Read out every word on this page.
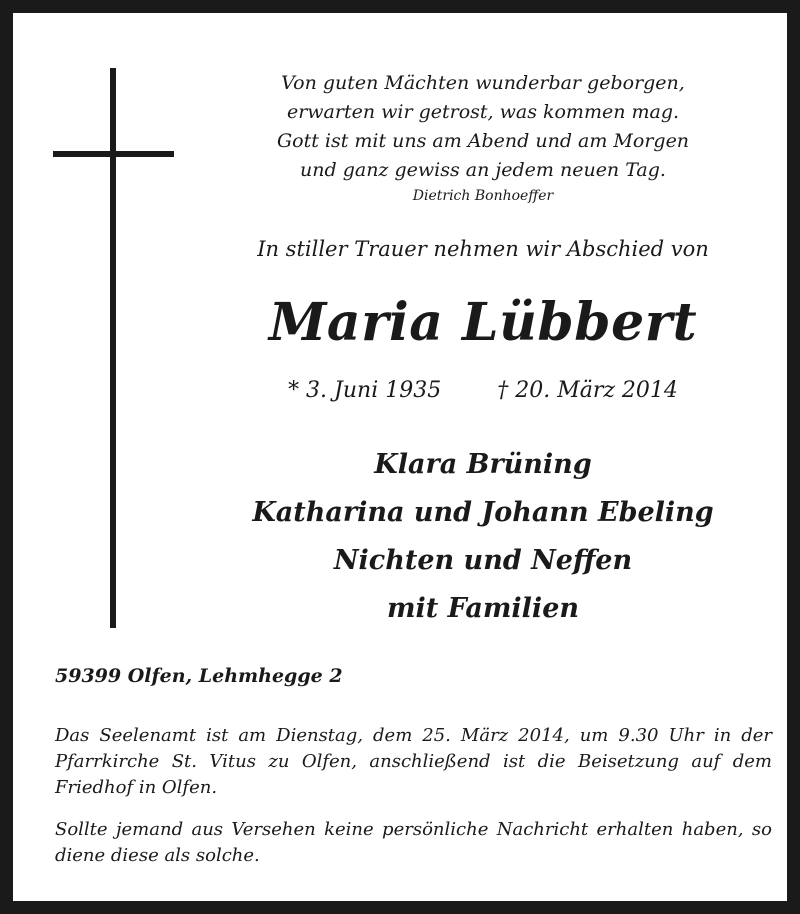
Von guten Mächten wunderbar geborgen,
erwarten wir getrost, was kommen mag.
Gott ist mit uns am Abend und am Morgen
und ganz gewiss an jedem neuen Tag.
Dietrich Bonhoeffer
In stiller Trauer nehmen wir Abschied von
Maria Lübbert
* 3. Juni 1935	† 20. März 2014
Klara Brüning
Katharina und Johann Ebeling
Nichten und Neffen
mit Familien
59399 Olfen, Lehmhegge 2

Das Seelenamt ist am Dienstag, dem 25. März 2014, um 9.30 Uhr in der Pfarrkirche St. Vitus zu Olfen, anschließend ist die Beisetzung auf dem Friedhof in Olfen.

Sollte jemand aus Versehen keine persönliche Nachricht erhalten haben, so diene diese als solche.
